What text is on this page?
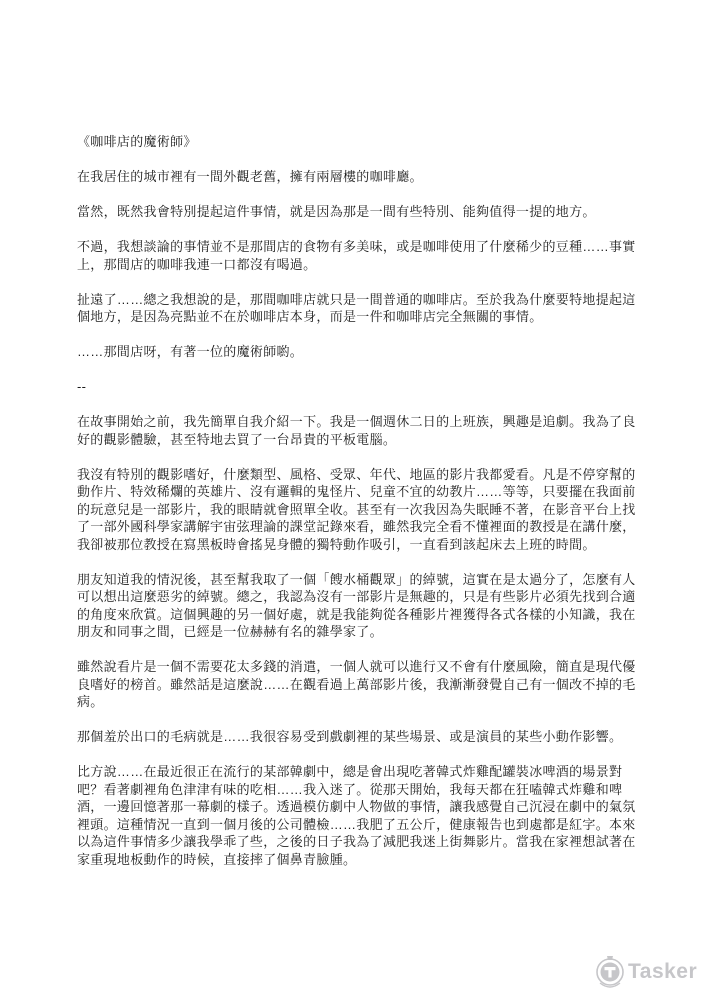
《咖啡店的魔術師》

在我居住的城市裡有一間外觀老舊，擁有兩層樓的咖啡廳。

當然，既然我會特別提起這件事情，就是因為那是一間有些特別、能夠值得一提的地方。

不過，我想談論的事情並不是那間店的食物有多美味，或是咖啡使用了什麼稀少的豆種……事實上，那間店的咖啡我連一口都沒有喝過。

扯遠了……總之我想說的是，那間咖啡店就只是一間普通的咖啡店。至於我為什麼要特地提起這個地方，是因為亮點並不在於咖啡店本身，而是一件和咖啡店完全無關的事情。

……那間店呀，有著一位的魔術師喲。

--

在故事開始之前，我先簡單自我介紹一下。我是一個週休二日的上班族，興趣是追劇。我為了良好的觀影體驗，甚至特地去買了一台昂貴的平板電腦。

我沒有特別的觀影嗜好，什麼類型、風格、受眾、年代、地區的影片我都愛看。凡是不停穿幫的動作片、特效稀爛的英雄片、沒有邏輯的鬼怪片、兒童不宜的幼教片……等等，只要擺在我面前的玩意兒是一部影片，我的眼睛就會照單全收。甚至有一次我因為失眠睡不著，在影音平台上找了一部外國科學家講解宇宙弦理論的課堂記錄來看，雖然我完全看不懂裡面的教授是在講什麼，我卻被那位教授在寫黑板時會搖晃身體的獨特動作吸引，一直看到該起床去上班的時間。

朋友知道我的情況後，甚至幫我取了一個「餿水桶觀眾」的綽號，這實在是太過分了，怎麼有人可以想出這麼惡劣的綽號。總之，我認為沒有一部影片是無趣的，只是有些影片必須先找到合適的角度來欣賞。這個興趣的另一個好處，就是我能夠從各種影片裡獲得各式各樣的小知識，我在朋友和同事之間，已經是一位赫赫有名的雜學家了。

雖然說看片是一個不需要花太多錢的消遣，一個人就可以進行又不會有什麼風險，簡直是現代優良嗜好的榜首。雖然話是這麼說……在觀看過上萬部影片後，我漸漸發覺自己有一個改不掉的毛病。

那個羞於出口的毛病就是……我很容易受到戲劇裡的某些場景、或是演員的某些小動作影響。

比方說……在最近很正在流行的某部韓劇中，總是會出現吃著韓式炸雞配罐裝冰啤酒的場景對吧？看著劇裡角色津津有味的吃相……我入迷了。從那天開始，我每天都在狂嗑韓式炸雞和啤酒，一邊回憶著那一幕劇的樣子。透過模仿劇中人物做的事情，讓我感覺自己沉浸在劇中的氣氛裡頭。這種情況一直到一個月後的公司體檢……我肥了五公斤，健康報告也到處都是紅字。本來以為這件事情多少讓我學乖了些，之後的日子我為了減肥我迷上街舞影片。當我在家裡想試著在家重現地板動作的時候，直接摔了個鼻青臉腫。

Tasker
